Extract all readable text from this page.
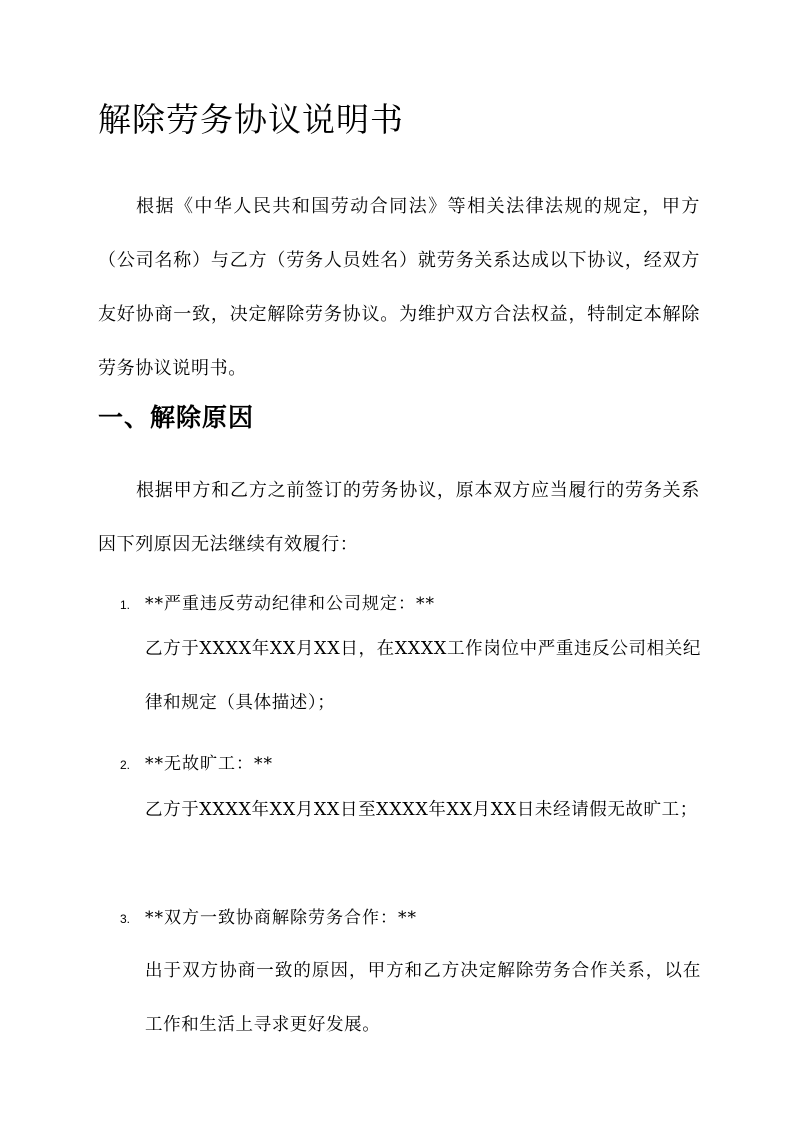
解除劳务协议说明书

根据《中华人民共和国劳动合同法》等相关法律法规的规定，甲方（公司名称）与乙方（劳务人员姓名）就劳务关系达成以下协议，经双方友好协商一致，决定解除劳务协议。为维护双方合法权益，特制定本解除劳务协议说明书。

一、解除原因

根据甲方和乙方之前签订的劳务协议，原本双方应当履行的劳务关系因下列原因无法继续有效履行：

1. **严重违反劳动纪律和公司规定：**

乙方于XXXX年XX月XX日，在XXXX工作岗位中严重违反公司相关纪律和规定（具体描述）；

2. **无故旷工：**

乙方于XXXX年XX月XX日至XXXX年XX月XX日未经请假无故旷工；

3. **双方一致协商解除劳务合作：**

出于双方协商一致的原因，甲方和乙方决定解除劳务合作关系，以在工作和生活上寻求更好发展。
